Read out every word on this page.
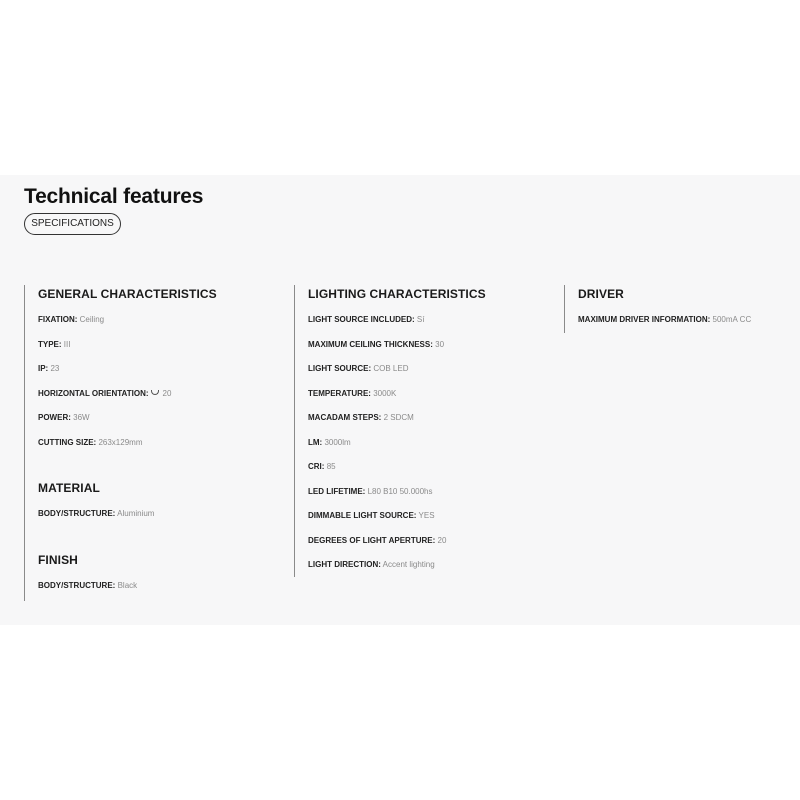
Technical features
SPECIFICATIONS
GENERAL CHARACTERISTICS
FIXATION: Ceiling
TYPE: III
IP: 23
HORIZONTAL ORIENTATION: 20
POWER: 36W
CUTTING SIZE: 263x129mm
MATERIAL
BODY/STRUCTURE: Aluminium
FINISH
BODY/STRUCTURE: Black
LIGHTING CHARACTERISTICS
LIGHT SOURCE INCLUDED: Sí
MAXIMUM CEILING THICKNESS: 30
LIGHT SOURCE: COB LED
TEMPERATURE: 3000K
MACADAM STEPS: 2 SDCM
LM: 3000lm
CRI: 85
LED LIFETIME: L80 B10 50.000hs
DIMMABLE LIGHT SOURCE: YES
DEGREES OF LIGHT APERTURE: 20
LIGHT DIRECTION: Accent lighting
DRIVER
MAXIMUM DRIVER INFORMATION: 500mA CC
